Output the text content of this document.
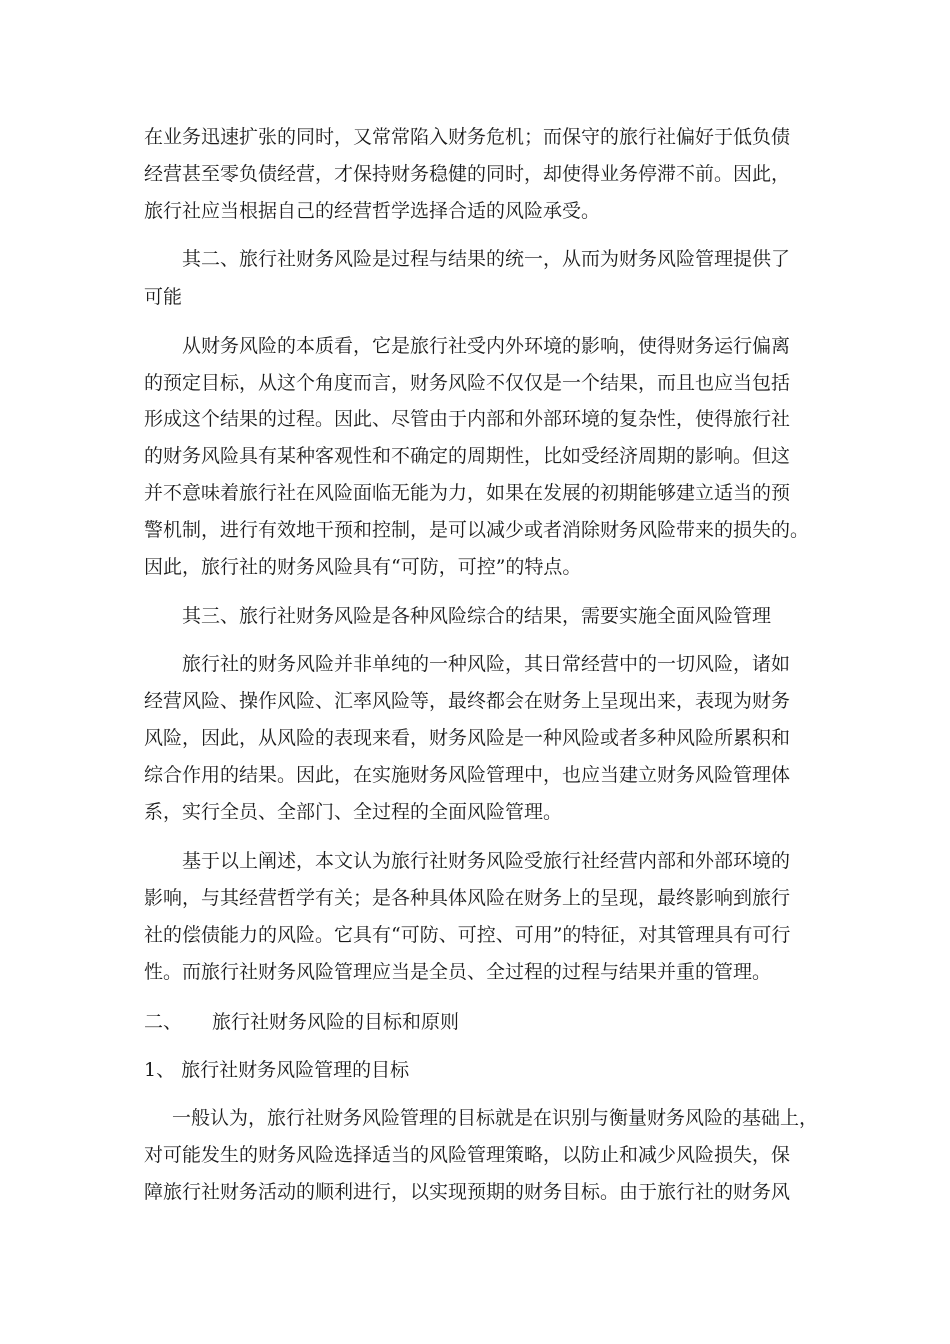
在业务迅速扩张的同时，又常常陷入财务危机；而保守的旅行社偏好于低负债

经营甚至零负债经营，才保持财务稳健的同时，却使得业务停滞不前。因此，

旅行社应当根据自己的经营哲学选择合适的风险承受。

其二、旅行社财务风险是过程与结果的统一，从而为财务风险管理提供了

可能

从财务风险的本质看，它是旅行社受内外环境的影响，使得财务运行偏离

的预定目标，从这个角度而言，财务风险不仅仅是一个结果，而且也应当包括

形成这个结果的过程。因此、尽管由于内部和外部环境的复杂性，使得旅行社

的财务风险具有某种客观性和不确定的周期性，比如受经济周期的影响。但这

并不意味着旅行社在风险面临无能为力，如果在发展的初期能够建立适当的预

警机制，进行有效地干预和控制，是可以减少或者消除财务风险带来的损失的。

因此，旅行社的财务风险具有“可防，可控”的特点。

其三、旅行社财务风险是各种风险综合的结果，需要实施全面风险管理

旅行社的财务风险并非单纯的一种风险，其日常经营中的一切风险，诸如

经营风险、操作风险、汇率风险等，最终都会在财务上呈现出来，表现为财务

风险，因此，从风险的表现来看，财务风险是一种风险或者多种风险所累积和

综合作用的结果。因此，在实施财务风险管理中，也应当建立财务风险管理体

系，实行全员、全部门、全过程的全面风险管理。

基于以上阐述，本文认为旅行社财务风险受旅行社经营内部和外部环境的

影响，与其经营哲学有关；是各种具体风险在财务上的呈现，最终影响到旅行

社的偿债能力的风险。它具有“可防、可控、可用”的特征，对其管理具有可行

性。而旅行社财务风险管理应当是全员、全过程的过程与结果并重的管理。

二、 旅行社财务风险的目标和原则

1、 旅行社财务风险管理的目标

一般认为，旅行社财务风险管理的目标就是在识别与衡量财务风险的基础上，

对可能发生的财务风险选择适当的风险管理策略，以防止和减少风险损失，保

障旅行社财务活动的顺利进行，以实现预期的财务目标。由于旅行社的财务风
